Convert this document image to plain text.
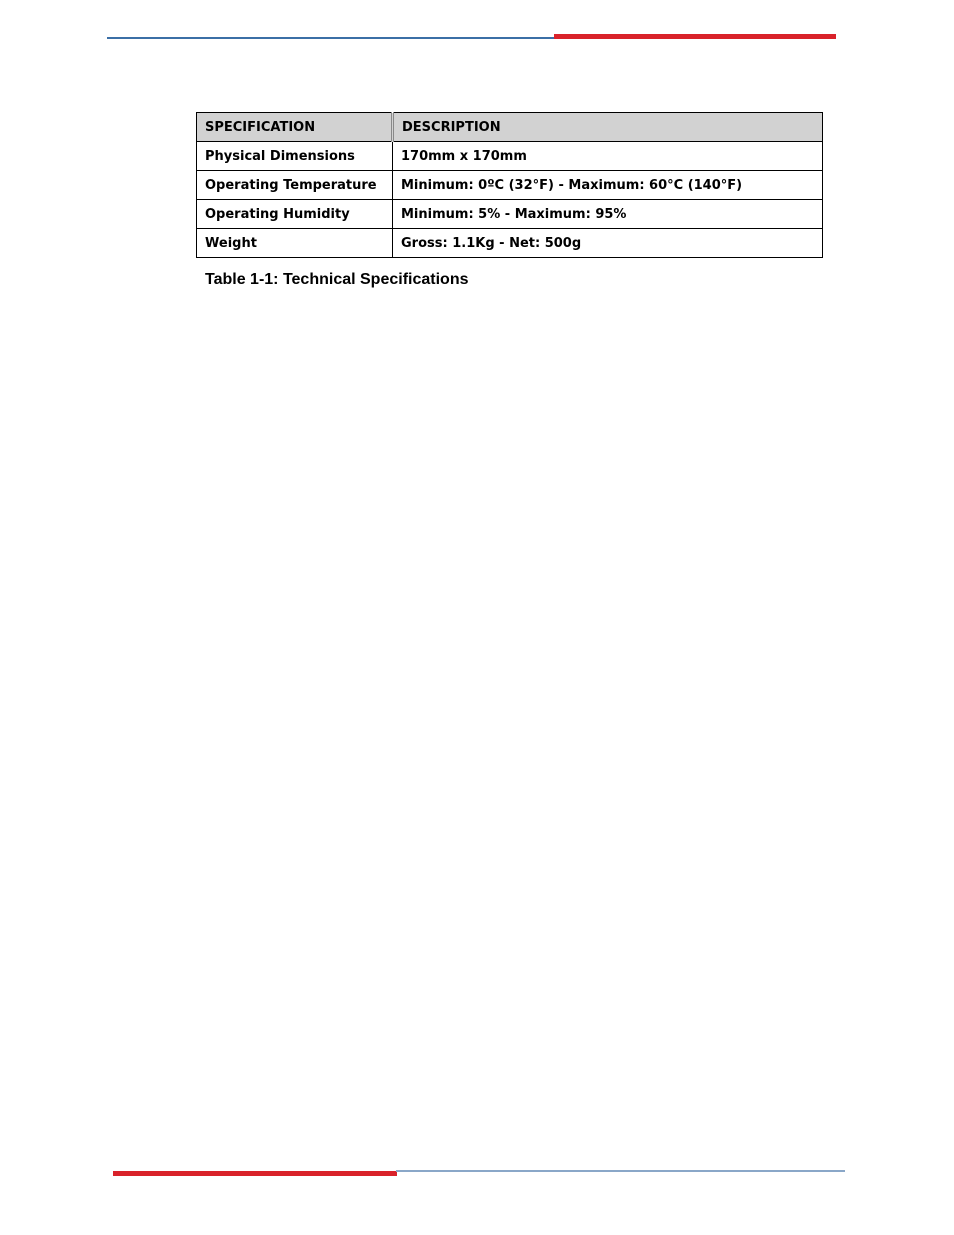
SPECIFICATION	DESCRIPTION
Physical Dimensions	170mm x 170mm
Operating Temperature	Minimum: 0ºC (32°F) - Maximum: 60°C (140°F)
Operating Humidity	Minimum: 5% - Maximum: 95%
Weight	Gross: 1.1Kg - Net: 500g
Table 1-1: Technical Specifications
